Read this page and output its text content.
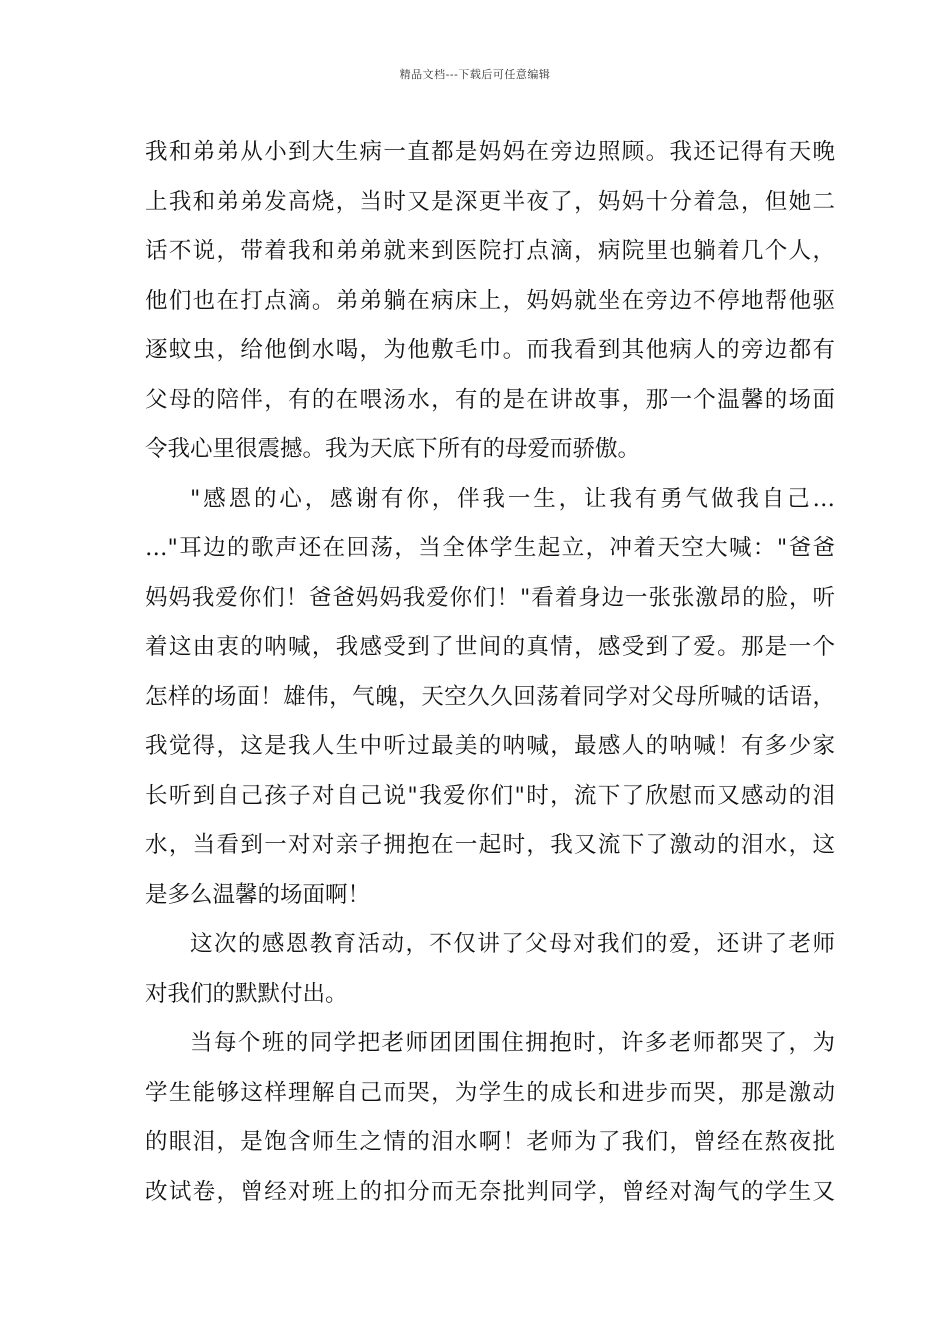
精品文档---下载后可任意编辑
我和弟弟从小到大生病一直都是妈妈在旁边照顾。我还记得有天晚
上我和弟弟发高烧，当时又是深更半夜了，妈妈十分着急，但她二
话不说，带着我和弟弟就来到医院打点滴，病院里也躺着几个人，
他们也在打点滴。弟弟躺在病床上，妈妈就坐在旁边不停地帮他驱
逐蚊虫，给他倒水喝，为他敷毛巾。而我看到其他病人的旁边都有
父母的陪伴，有的在喂汤水，有的是在讲故事，那一个温馨的场面
令我心里很震撼。我为天底下所有的母爱而骄傲。
"感恩的心，感谢有你，伴我一生，让我有勇气做我自己…
…"耳边的歌声还在回荡，当全体学生起立，冲着天空大喊："爸爸
妈妈我爱你们！爸爸妈妈我爱你们！"看着身边一张张激昂的脸，听
着这由衷的呐喊，我感受到了世间的真情，感受到了爱。那是一个
怎样的场面！雄伟，气魄，天空久久回荡着同学对父母所喊的话语，
我觉得，这是我人生中听过最美的呐喊，最感人的呐喊！有多少家
长听到自己孩子对自己说"我爱你们"时，流下了欣慰而又感动的泪
水，当看到一对对亲子拥抱在一起时，我又流下了激动的泪水，这
是多么温馨的场面啊！
这次的感恩教育活动，不仅讲了父母对我们的爱，还讲了老师
对我们的默默付出。
当每个班的同学把老师团团围住拥抱时，许多老师都哭了，为
学生能够这样理解自己而哭，为学生的成长和进步而哭，那是激动
的眼泪，是饱含师生之情的泪水啊！老师为了我们，曾经在熬夜批
改试卷，曾经对班上的扣分而无奈批判同学，曾经对淘气的学生又
